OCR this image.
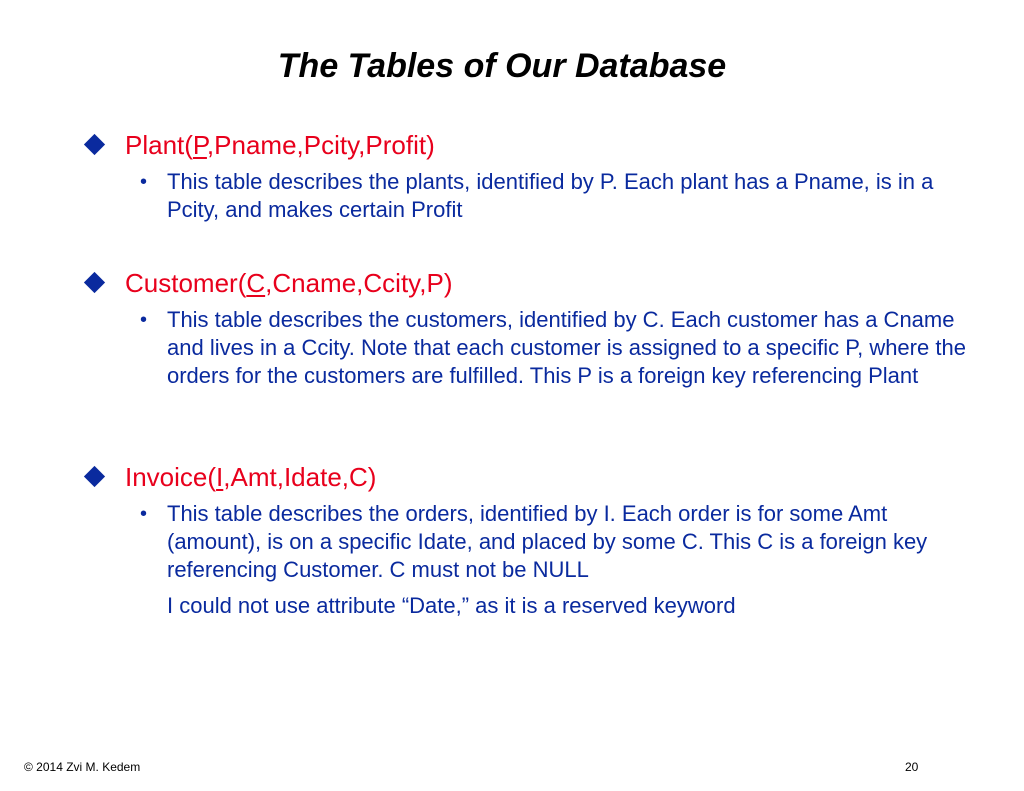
The Tables of Our Database
Plant(P,Pname,Pcity,Profit)
• This table describes the plants, identified by P. Each plant has a Pname, is in a Pcity, and makes certain Profit
Customer(C,Cname,Ccity,P)
• This table describes the customers, identified by C. Each customer has a Cname and lives in a Ccity. Note that each customer is assigned to a specific P, where the orders for the customers are fulfilled. This P is a foreign key referencing Plant
Invoice(I,Amt,Idate,C)
• This table describes the orders, identified by I. Each order is for some Amt (amount), is on a specific Idate, and placed by some C. This C is a foreign key referencing Customer. C must not be NULL
I could not use attribute “Date,” as it is a reserved keyword
© 2014 Zvi M. Kedem	20
